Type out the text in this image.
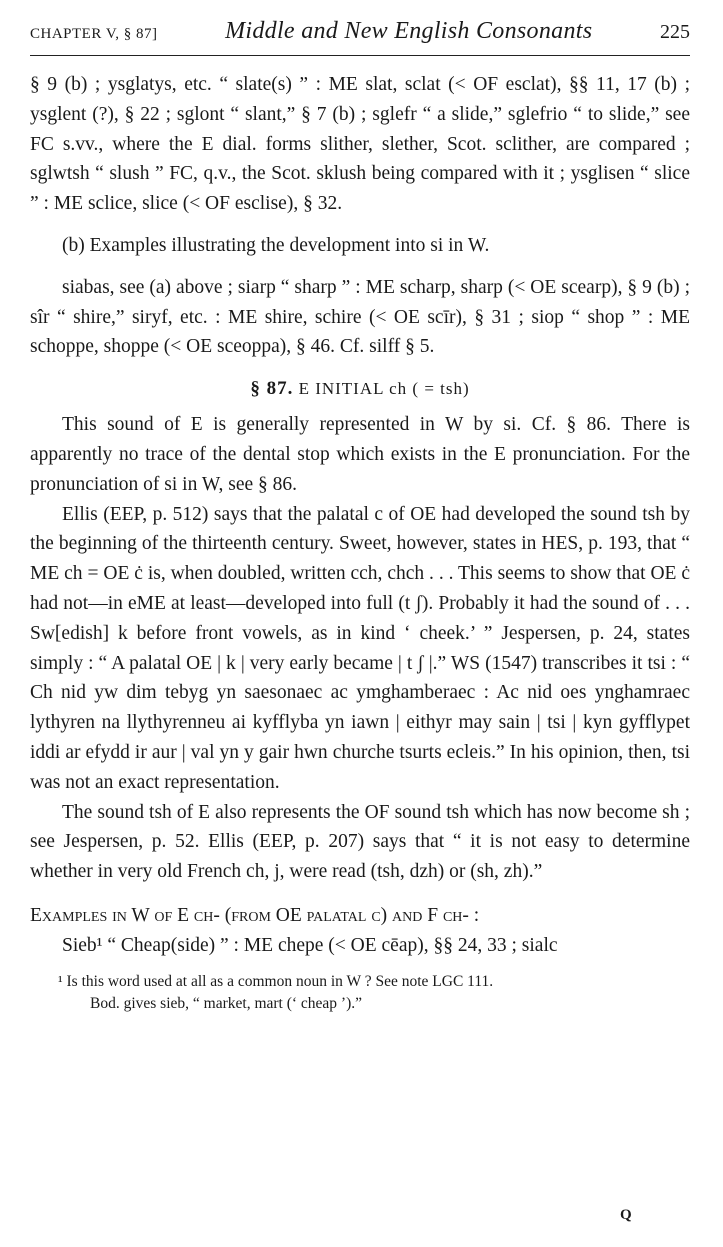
CHAPTER V, § 87]	Middle and New English Consonants	225

§ 9 (b) ; ysglatys, etc. “ slate(s) ” : ME slat, sclat (< OF esclat), §§ 11, 17 (b) ; ysglent (?), § 22 ; sglont “ slant,” § 7 (b) ; sglefr “ a slide,” sglefrio “ to slide,” see FC s.vv., where the E dial. forms slither, slether, Scot. sclither, are compared ; sglwtsh “ slush ” FC, q.v., the Scot. sklush being compared with it ; ysglisen “ slice ” : ME sclice, slice (< OF esclise), § 32.

(b) Examples illustrating the development into si in W.

siabas, see (a) above ; siarp “ sharp ” : ME scharp, sharp (< OE scearp), § 9 (b) ; sîr “ shire,” siryf, etc. : ME shire, schire (< OE scīr), § 31 ; siop “ shop ” : ME schoppe, shoppe (< OE sceoppa), § 46. Cf. silff § 5.

§ 87. E INITIAL ch ( = tsh)

This sound of E is generally represented in W by si. Cf. § 86. There is apparently no trace of the dental stop which exists in the E pronunciation. For the pronunciation of si in W, see § 86.

Ellis (EEP, p. 512) says that the palatal c of OE had developed the sound tsh by the beginning of the thirteenth century. Sweet, however, states in HES, p. 193, that “ ME ch = OE ċ is, when doubled, written cch, chch . . . This seems to show that OE ċ had not—in eME at least—developed into full (t ʃ). Probably it had the sound of . . . Sw[edish] k before front vowels, as in kind ‘ cheek.’ ” Jespersen, p. 24, states simply : “ A palatal OE | k | very early became | t ʃ |.” WS (1547) transcribes it tsi : “ Ch nid yw dim tebyg yn saesonaec ac ymghamberaec : Ac nid oes ynghamraec lythyren na llythyrenneu ai kyfflyba yn iawn | eithyr may sain | tsi | kyn gyfflypet iddi ar efydd ir aur | val yn y gair hwn churche tsurts ecleis.” In his opinion, then, tsi was not an exact representation.

The sound tsh of E also represents the OF sound tsh which has now become sh ; see Jespersen, p. 52. Ellis (EEP, p. 207) says that “ it is not easy to determine whether in very old French ch, j, were read (tsh, dzh) or (sh, zh).”

Examples in W of E ch- (from OE palatal c) and F ch- :

Sieb¹ “ Cheap(side) ” : ME chepe (< OE cēap), §§ 24, 33 ; sialc

¹ Is this word used at all as a common noun in W ? See note LGC 111.
Bod. gives sieb, “ market, mart (‘ cheap ’).”
Q
